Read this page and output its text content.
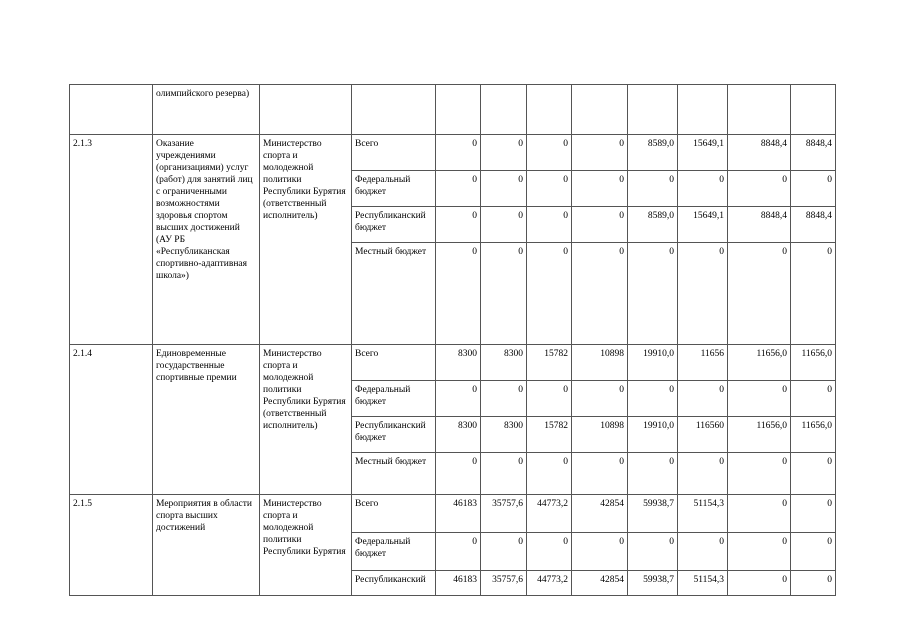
	олимпийского резерва)										
2.1.3	Оказание учреждениями (организациями) услуг (работ) для занятий лиц с ограниченными возможностями здоровья спортом высших достижений (АУ РБ «Республиканская спортивно-адаптивная школа»)	Министерство спорта и молодежной политики Республики Бурятия (ответственный исполнитель)	Всего	0	0	0	0	8589,0	15649,1	8848,4	8848,4
			Федеральный бюджет	0	0	0	0	0	0	0	0
			Республиканский бюджет	0	0	0	0	8589,0	15649,1	8848,4	8848,4
			Местный бюджет	0	0	0	0	0	0	0	0
2.1.4	Единовременные государственные спортивные премии	Министерство спорта и молодежной политики Республики Бурятия (ответственный исполнитель)	Всего	8300	8300	15782	10898	19910,0	11656	11656,0	11656,0
			Федеральный бюджет	0	0	0	0	0	0	0	0
			Республиканский бюджет	8300	8300	15782	10898	19910,0	116560	11656,0	11656,0
			Местный бюджет	0	0	0	0	0	0	0	0
2.1.5	Мероприятия в области спорта высших достижений	Министерство спорта и молодежной политики Республики Бурятия	Всего	46183	35757,6	44773,2	42854	59938,7	51154,3	0	0
			Федеральный бюджет	0	0	0	0	0	0	0	0
			Республиканский	46183	35757,6	44773,2	42854	59938,7	51154,3	0	0
